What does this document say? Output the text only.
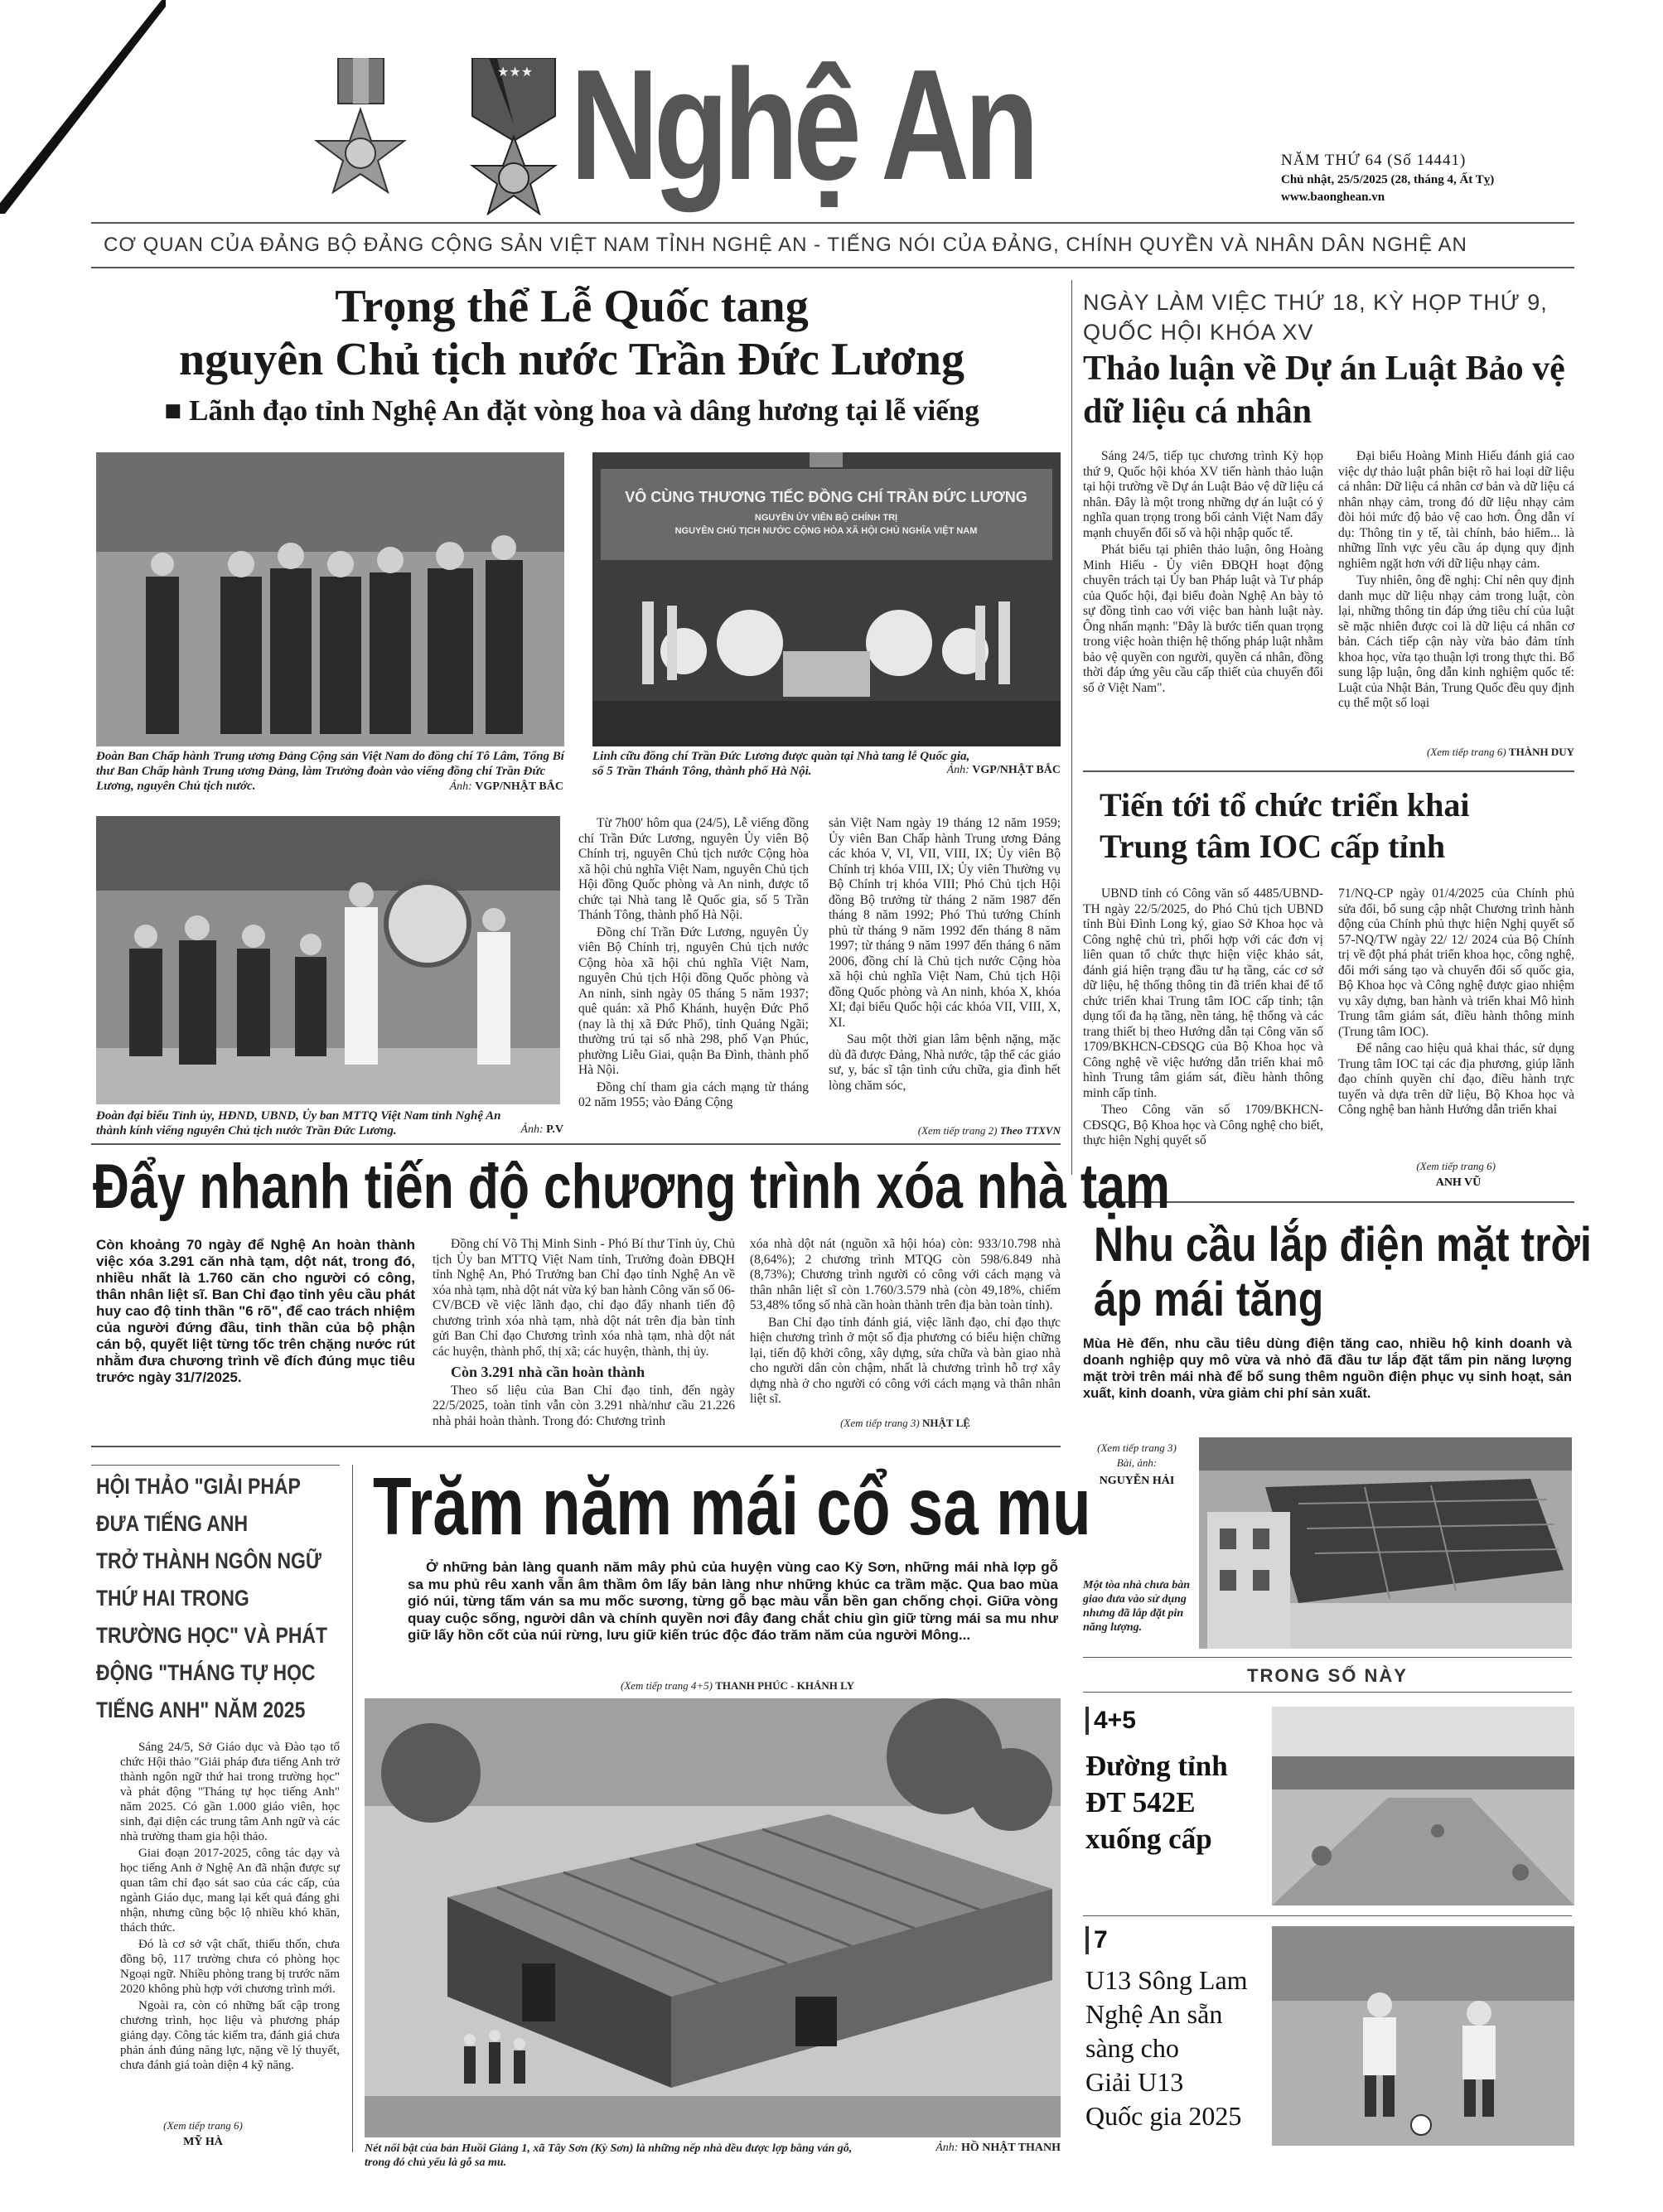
★★★ Nghệ An	NĂM THỨ 64 (Số 14441)
Chủ nhật, 25/5/2025 (28, tháng 4, Ất Tỵ)
www.baonghean.vn
CƠ QUAN CỦA ĐẢNG BỘ ĐẢNG CỘNG SẢN VIỆT NAM TỈNH NGHỆ AN - TIẾNG NÓI CỦA ĐẢNG, CHÍNH QUYỀN VÀ NHÂN DÂN NGHỆ AN
Trọng thể Lễ Quốc tang
nguyên Chủ tịch nước Trần Đức Lương
■ Lãnh đạo tỉnh Nghệ An đặt vòng hoa và dâng hương tại lễ viếng
Đoàn Ban Chấp hành Trung ương Đảng Cộng sản Việt Nam do đồng chí Tô Lâm, Tổng Bí thư Ban Chấp hành Trung ương Đảng, làm Trưởng đoàn vào viếng đồng chí Trần Đức Lương, nguyên Chủ tịch nước.	Ảnh: VGP/NHẬT BẮC
VÔ CÙNG THƯƠNG TIẾC ĐỒNG CHÍ TRẦN ĐỨC LƯƠNG
NGUYÊN ỦY VIÊN BỘ CHÍNH TRỊ
NGUYÊN CHỦ TỊCH NƯỚC CỘNG HÒA XÃ HỘI CHỦ NGHĨA VIỆT NAM
Linh cữu đồng chí Trần Đức Lương được quàn tại Nhà tang lễ Quốc gia, số 5 Trần Thánh Tông, thành phố Hà Nội.	Ảnh: VGP/NHẬT BẮC
Đoàn đại biểu Tỉnh ủy, HĐND, UBND, Ủy ban MTTQ Việt Nam tỉnh Nghệ An thành kính viếng nguyên Chủ tịch nước Trần Đức Lương.	Ảnh: P.V

Từ 7h00' hôm qua (24/5), Lễ viếng đồng chí Trần Đức Lương, nguyên Ủy viên Bộ Chính trị, nguyên Chủ tịch nước Cộng hòa xã hội chủ nghĩa Việt Nam, nguyên Chủ tịch Hội đồng Quốc phòng và An ninh, được tổ chức tại Nhà tang lễ Quốc gia, số 5 Trần Thánh Tông, thành phố Hà Nội.

Đồng chí Trần Đức Lương, nguyên Ủy viên Bộ Chính trị, nguyên Chủ tịch nước Cộng hòa xã hội chủ nghĩa Việt Nam, nguyên Chủ tịch Hội đồng Quốc phòng và An ninh, sinh ngày 05 tháng 5 năm 1937; quê quán: xã Phổ Khánh, huyện Đức Phổ (nay là thị xã Đức Phổ), tỉnh Quảng Ngãi; thường trú tại số nhà 298, phố Vạn Phúc, phường Liễu Giai, quận Ba Đình, thành phố Hà Nội.

Đồng chí tham gia cách mạng từ tháng 02 năm 1955; vào Đảng Cộng

sản Việt Nam ngày 19 tháng 12 năm 1959; Ủy viên Ban Chấp hành Trung ương Đảng các khóa V, VI, VII, VIII, IX; Ủy viên Bộ Chính trị khóa VIII, IX; Ủy viên Thường vụ Bộ Chính trị khóa VIII; Phó Chủ tịch Hội đồng Bộ trưởng từ tháng 2 năm 1987 đến tháng 8 năm 1992; Phó Thủ tướng Chính phủ từ tháng 9 năm 1992 đến tháng 8 năm 1997; từ tháng 9 năm 1997 đến tháng 6 năm 2006, đồng chí là Chủ tịch nước Cộng hòa xã hội chủ nghĩa Việt Nam, Chủ tịch Hội đồng Quốc phòng và An ninh, khóa X, khóa XI; đại biểu Quốc hội các khóa VII, VIII, X, XI.

Sau một thời gian lâm bệnh nặng, mặc dù đã được Đảng, Nhà nước, tập thể các giáo sư, y, bác sĩ tận tình cứu chữa, gia đình hết lòng chăm sóc,

(Xem tiếp trang 2) Theo TTXVN
NGÀY LÀM VIỆC THỨ 18, KỲ HỌP THỨ 9,
QUỐC HỘI KHÓA XV
Thảo luận về Dự án Luật Bảo vệ
dữ liệu cá nhân

Sáng 24/5, tiếp tục chương trình Kỳ họp thứ 9, Quốc hội khóa XV tiến hành thảo luận tại hội trường về Dự án Luật Bảo vệ dữ liệu cá nhân. Đây là một trong những dự án luật có ý nghĩa quan trọng trong bối cảnh Việt Nam đẩy mạnh chuyển đổi số và hội nhập quốc tế.

Phát biểu tại phiên thảo luận, ông Hoàng Minh Hiếu - Ủy viên ĐBQH hoạt động chuyên trách tại Ủy ban Pháp luật và Tư pháp của Quốc hội, đại biểu đoàn Nghệ An bày tỏ sự đồng tình cao với việc ban hành luật này. Ông nhấn mạnh: "Đây là bước tiến quan trọng trong việc hoàn thiện hệ thống pháp luật nhằm bảo vệ quyền con người, quyền cá nhân, đồng thời đáp ứng yêu cầu cấp thiết của chuyển đổi số ở Việt Nam".

Đại biểu Hoàng Minh Hiếu đánh giá cao việc dự thảo luật phân biệt rõ hai loại dữ liệu cá nhân: Dữ liệu cá nhân cơ bản và dữ liệu cá nhân nhạy cảm, trong đó dữ liệu nhạy cảm đòi hỏi mức độ bảo vệ cao hơn. Ông dẫn ví dụ: Thông tin y tế, tài chính, bảo hiểm... là những lĩnh vực yêu cầu áp dụng quy định nghiêm ngặt hơn với dữ liệu nhạy cảm.

Tuy nhiên, ông đề nghị: Chỉ nên quy định danh mục dữ liệu nhạy cảm trong luật, còn lại, những thông tin đáp ứng tiêu chí của luật sẽ mặc nhiên được coi là dữ liệu cá nhân cơ bản. Cách tiếp cận này vừa bảo đảm tính khoa học, vừa tạo thuận lợi trong thực thi. Bổ sung lập luận, ông dẫn kinh nghiệm quốc tế: Luật của Nhật Bản, Trung Quốc đều quy định cụ thể một số loại

(Xem tiếp trang 6) THÀNH DUY
Tiến tới tổ chức triển khai
Trung tâm IOC cấp tỉnh

UBND tỉnh có Công văn số 4485/UBND-TH ngày 22/5/2025, do Phó Chủ tịch UBND tỉnh Bùi Đình Long ký, giao Sở Khoa học và Công nghệ chủ trì, phối hợp với các đơn vị liên quan tổ chức thực hiện việc khảo sát, đánh giá hiện trạng đầu tư hạ tầng, các cơ sở dữ liệu, hệ thống thông tin đã triển khai để tổ chức triển khai Trung tâm IOC cấp tỉnh; tận dụng tối đa hạ tầng, nền tảng, hệ thống và các trang thiết bị theo Hướng dẫn tại Công văn số 1709/BKHCN-CĐSQG của Bộ Khoa học và Công nghệ về việc hướng dẫn triển khai mô hình Trung tâm giám sát, điều hành thông minh cấp tỉnh.

Theo Công văn số 1709/BKHCN-CĐSQG, Bộ Khoa học và Công nghệ cho biết, thực hiện Nghị quyết số

71/NQ-CP ngày 01/4/2025 của Chính phủ sửa đổi, bổ sung cập nhật Chương trình hành động của Chính phủ thực hiện Nghị quyết số 57-NQ/TW ngày 22/ 12/ 2024 của Bộ Chính trị về đột phá phát triển khoa học, công nghệ, đổi mới sáng tạo và chuyển đổi số quốc gia, Bộ Khoa học và Công nghệ được giao nhiệm vụ xây dựng, ban hành và triển khai Mô hình Trung tâm giám sát, điều hành thông minh (Trung tâm IOC).

Để nâng cao hiệu quả khai thác, sử dụng Trung tâm IOC tại các địa phương, giúp lãnh đạo chính quyền chỉ đạo, điều hành trực tuyến và dựa trên dữ liệu, Bộ Khoa học và Công nghệ ban hành Hướng dẫn triển khai

(Xem tiếp trang 6)
ANH VŨ
Đẩy nhanh tiến độ chương trình xóa nhà tạm
Còn khoảng 70 ngày để Nghệ An hoàn thành việc xóa 3.291 căn nhà tạm, dột nát, trong đó, nhiều nhất là 1.760 căn cho người có công, thân nhân liệt sĩ. Ban Chỉ đạo tỉnh yêu cầu phát huy cao độ tinh thần "6 rõ", để cao trách nhiệm của người đứng đầu, tinh thần của bộ phận cán bộ, quyết liệt từng tốc trên chặng nước rút nhằm đưa chương trình về đích đúng mục tiêu trước ngày 31/7/2025.

Đồng chí Võ Thị Minh Sinh - Phó Bí thư Tỉnh ủy, Chủ tịch Ủy ban MTTQ Việt Nam tỉnh, Trưởng đoàn ĐBQH tỉnh Nghệ An, Phó Trưởng ban Chỉ đạo tỉnh Nghệ An về xóa nhà tạm, nhà dột nát vừa ký ban hành Công văn số 06-CV/BCĐ về việc lãnh đạo, chỉ đạo đẩy nhanh tiến độ chương trình xóa nhà tạm, nhà dột nát trên địa bàn tỉnh gửi Ban Chỉ đạo Chương trình xóa nhà tạm, nhà dột nát các huyện, thành phố, thị xã; các huyện, thành, thị ủy.

Còn 3.291 nhà cần hoàn thành

Theo số liệu của Ban Chỉ đạo tỉnh, đến ngày 22/5/2025, toàn tỉnh vẫn còn 3.291 nhà/như cầu 21.226 nhà phải hoàn thành. Trong đó: Chương trình

xóa nhà dột nát (nguồn xã hội hóa) còn: 933/10.798 nhà (8,64%); 2 chương trình MTQG còn 598/6.849 nhà (8,73%); Chương trình người có công với cách mạng và thân nhân liệt sĩ còn 1.760/3.579 nhà (còn 49,18%, chiếm 53,48% tổng số nhà cần hoàn thành trên địa bàn toàn tỉnh).

Ban Chỉ đạo tỉnh đánh giá, việc lãnh đạo, chỉ đạo thực hiện chương trình ở một số địa phương có biểu hiện chững lại, tiến độ khởi công, xây dựng, sửa chữa và bàn giao nhà cho người dân còn chậm, nhất là chương trình hỗ trợ xây dựng nhà ở cho người có công với cách mạng và thân nhân liệt sĩ.

(Xem tiếp trang 3) NHẬT LỆ
Nhu cầu lắp điện mặt trời
áp mái tăng
Mùa Hè đến, nhu cầu tiêu dùng điện tăng cao, nhiều hộ kinh doanh và doanh nghiệp quy mô vừa và nhỏ đã đầu tư lắp đặt tấm pin năng lượng mặt trời trên mái nhà để bổ sung thêm nguồn điện phục vụ sinh hoạt, sản xuất, kinh doanh, vừa giảm chi phí sản xuất.
(Xem tiếp trang 3)
Bài, ảnh:
NGUYỄN HẢI
Một tòa nhà chưa bàn giao đưa vào sử dụng nhưng đã lắp đặt pin năng lượng.
HỘI THẢO "GIẢI PHÁP
ĐƯA TIẾNG ANH
TRỞ THÀNH NGÔN NGỮ
THỨ HAI TRONG
TRƯỜNG HỌC" VÀ PHÁT
ĐỘNG "THÁNG TỰ HỌC
TIẾNG ANH" NĂM 2025

Sáng 24/5, Sở Giáo dục và Đào tạo tổ chức Hội thảo "Giải pháp đưa tiếng Anh trở thành ngôn ngữ thứ hai trong trường học" và phát động "Tháng tự học tiếng Anh" năm 2025. Có gần 1.000 giáo viên, học sinh, đại diện các trung tâm Anh ngữ và các nhà trường tham gia hội thảo.

Giai đoạn 2017-2025, công tác dạy và học tiếng Anh ở Nghệ An đã nhận được sự quan tâm chỉ đạo sát sao của các cấp, của ngành Giáo dục, mang lại kết quả đáng ghi nhận, nhưng cũng bộc lộ nhiều khó khăn, thách thức.

Đó là cơ sở vật chất, thiếu thốn, chưa đồng bộ, 117 trường chưa có phòng học Ngoại ngữ. Nhiều phòng trang bị trước năm 2020 không phù hợp với chương trình mới.

Ngoài ra, còn có những bất cập trong chương trình, học liệu và phương pháp giảng dạy. Công tác kiểm tra, đánh giá chưa phản ánh đúng năng lực, nặng về lý thuyết, chưa đánh giá toàn diện 4 kỹ năng.

(Xem tiếp trang 6)
MỸ HÀ
Trăm năm mái cổ sa mu
Ở những bản làng quanh năm mây phủ của huyện vùng cao Kỳ Sơn, những mái nhà lợp gỗ sa mu phủ rêu xanh vẫn âm thầm ôm lấy bản làng như những khúc ca trầm mặc. Qua bao mùa gió núi, từng tấm ván sa mu mốc sương, từng gỗ bạc màu vẫn bền gan chống chọi. Giữa vòng quay cuộc sống, người dân và chính quyền nơi đây đang chắt chiu gìn giữ từng mái sa mu như giữ lấy hồn cốt của núi rừng, lưu giữ kiến trúc độc đáo trăm năm của người Mông...
(Xem tiếp trang 4+5) THANH PHÚC - KHÁNH LY
Nét nổi bật của bản Huồi Giảng 1, xã Tây Sơn (Kỳ Sơn) là những nếp nhà dều được lợp bằng ván gỗ, trong đó chủ yếu là gỗ sa mu.
Ảnh: HỒ NHẬT THANH
TRONG SỐ NÀY
4+5
Đường tỉnh
ĐT 542E
xuống cấp
7
U13 Sông Lam
Nghệ An sẵn
sàng cho
Giải U13
Quốc gia 2025
